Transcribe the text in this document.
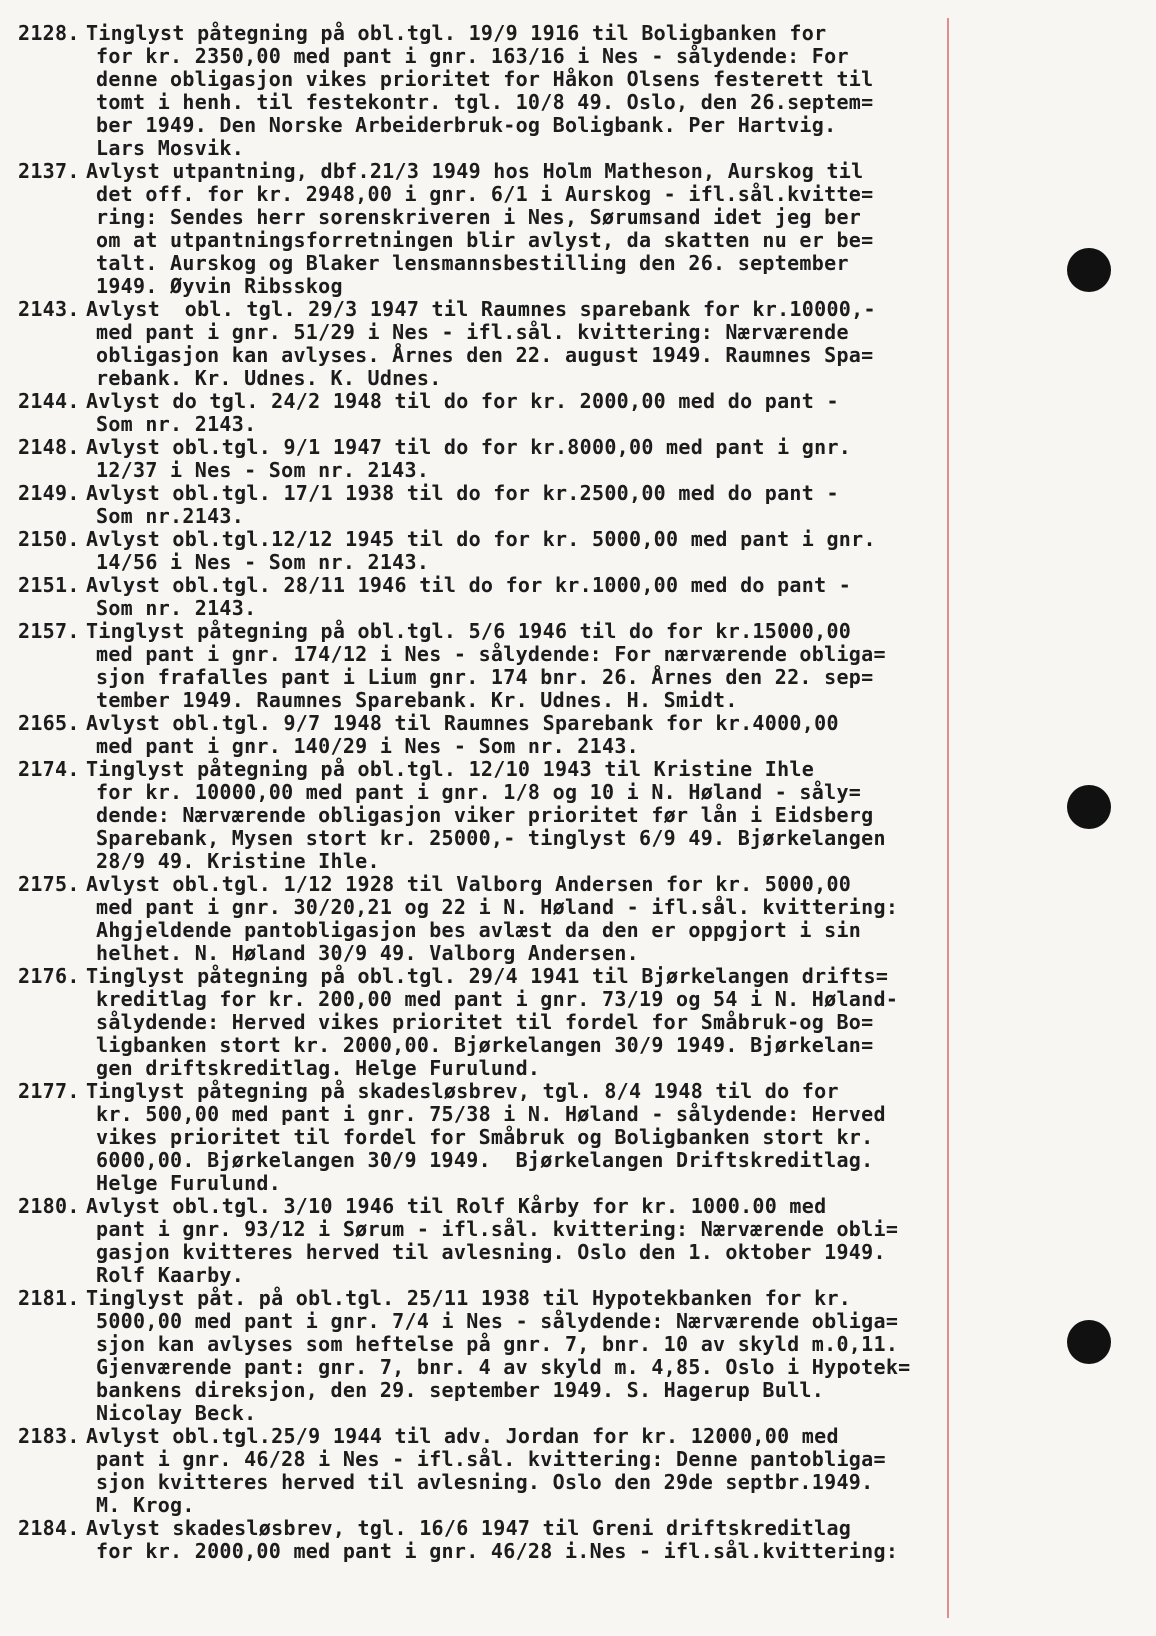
2128. Tinglyst påtegning på obl.tgl. 19/9 1916 til Boligbanken for
for kr. 2350,00 med pant i gnr. 163/16 i Nes - sålydende: For
denne obligasjon vikes prioritet for Håkon Olsens festerett til
tomt i henh. til festekontr. tgl. 10/8 49. Oslo, den 26.septem=
ber 1949. Den Norske Arbeiderbruk-og Boligbank. Per Hartvig.
Lars Mosvik.
2137. Avlyst utpantning, dbf.21/3 1949 hos Holm Matheson, Aurskog til
det off. for kr. 2948,00 i gnr. 6/1 i Aurskog - ifl.sål.kvitte=
ring: Sendes herr sorenskriveren i Nes, Sørumsand idet jeg ber
om at utpantningsforretningen blir avlyst, da skatten nu er be=
talt. Aurskog og Blaker lensmannsbestilling den 26. september
1949. Øyvin Ribsskog
2143. Avlyst  obl. tgl. 29/3 1947 til Raumnes sparebank for kr.10000,-
med pant i gnr. 51/29 i Nes - ifl.sål. kvittering: Nærværende
obligasjon kan avlyses. Årnes den 22. august 1949. Raumnes Spa=
rebank. Kr. Udnes. K. Udnes.
2144. Avlyst do tgl. 24/2 1948 til do for kr. 2000,00 med do pant -
Som nr. 2143.
2148. Avlyst obl.tgl. 9/1 1947 til do for kr.8000,00 med pant i gnr.
12/37 i Nes - Som nr. 2143.
2149. Avlyst obl.tgl. 17/1 1938 til do for kr.2500,00 med do pant -
Som nr.2143.
2150. Avlyst obl.tgl.12/12 1945 til do for kr. 5000,00 med pant i gnr.
14/56 i Nes - Som nr. 2143.
2151. Avlyst obl.tgl. 28/11 1946 til do for kr.1000,00 med do pant -
Som nr. 2143.
2157. Tinglyst påtegning på obl.tgl. 5/6 1946 til do for kr.15000,00
med pant i gnr. 174/12 i Nes - sålydende: For nærværende obliga=
sjon frafalles pant i Lium gnr. 174 bnr. 26. Årnes den 22. sep=
tember 1949. Raumnes Sparebank. Kr. Udnes. H. Smidt.
2165. Avlyst obl.tgl. 9/7 1948 til Raumnes Sparebank for kr.4000,00
med pant i gnr. 140/29 i Nes - Som nr. 2143.
2174. Tinglyst påtegning på obl.tgl. 12/10 1943 til Kristine Ihle
for kr. 10000,00 med pant i gnr. 1/8 og 10 i N. Høland - såly=
dende: Nærværende obligasjon viker prioritet før lån i Eidsberg
Sparebank, Mysen stort kr. 25000,- tinglyst 6/9 49. Bjørkelangen
28/9 49. Kristine Ihle.
2175. Avlyst obl.tgl. 1/12 1928 til Valborg Andersen for kr. 5000,00
med pant i gnr. 30/20,21 og 22 i N. Høland - ifl.sål. kvittering:
Ahgjeldende pantobligasjon bes avlæst da den er oppgjort i sin
helhet. N. Høland 30/9 49. Valborg Andersen.
2176. Tinglyst påtegning på obl.tgl. 29/4 1941 til Bjørkelangen drifts=
kreditlag for kr. 200,00 med pant i gnr. 73/19 og 54 i N. Høland-
sålydende: Herved vikes prioritet til fordel for Småbruk-og Bo=
ligbanken stort kr. 2000,00. Bjørkelangen 30/9 1949. Bjørkelan=
gen driftskreditlag. Helge Furulund.
2177. Tinglyst påtegning på skadesløsbrev, tgl. 8/4 1948 til do for
kr. 500,00 med pant i gnr. 75/38 i N. Høland - sålydende: Herved
vikes prioritet til fordel for Småbruk og Boligbanken stort kr.
6000,00. Bjørkelangen 30/9 1949.  Bjørkelangen Driftskreditlag.
Helge Furulund.
2180. Avlyst obl.tgl. 3/10 1946 til Rolf Kårby for kr. 1000.00 med
pant i gnr. 93/12 i Sørum - ifl.sål. kvittering: Nærværende obli=
gasjon kvitteres herved til avlesning. Oslo den 1. oktober 1949.
Rolf Kaarby.
2181. Tinglyst påt. på obl.tgl. 25/11 1938 til Hypotekbanken for kr.
5000,00 med pant i gnr. 7/4 i Nes - sålydende: Nærværende obliga=
sjon kan avlyses som heftelse på gnr. 7, bnr. 10 av skyld m.0,11.
Gjenværende pant: gnr. 7, bnr. 4 av skyld m. 4,85. Oslo i Hypotek=
bankens direksjon, den 29. september 1949. S. Hagerup Bull.
Nicolay Beck.
2183. Avlyst obl.tgl.25/9 1944 til adv. Jordan for kr. 12000,00 med
pant i gnr. 46/28 i Nes - ifl.sål. kvittering: Denne pantobliga=
sjon kvitteres herved til avlesning. Oslo den 29de septbr.1949.
M. Krog.
2184. Avlyst skadesløsbrev, tgl. 16/6 1947 til Greni driftskreditlag
for kr. 2000,00 med pant i gnr. 46/28 i.Nes - ifl.sål.kvittering:
